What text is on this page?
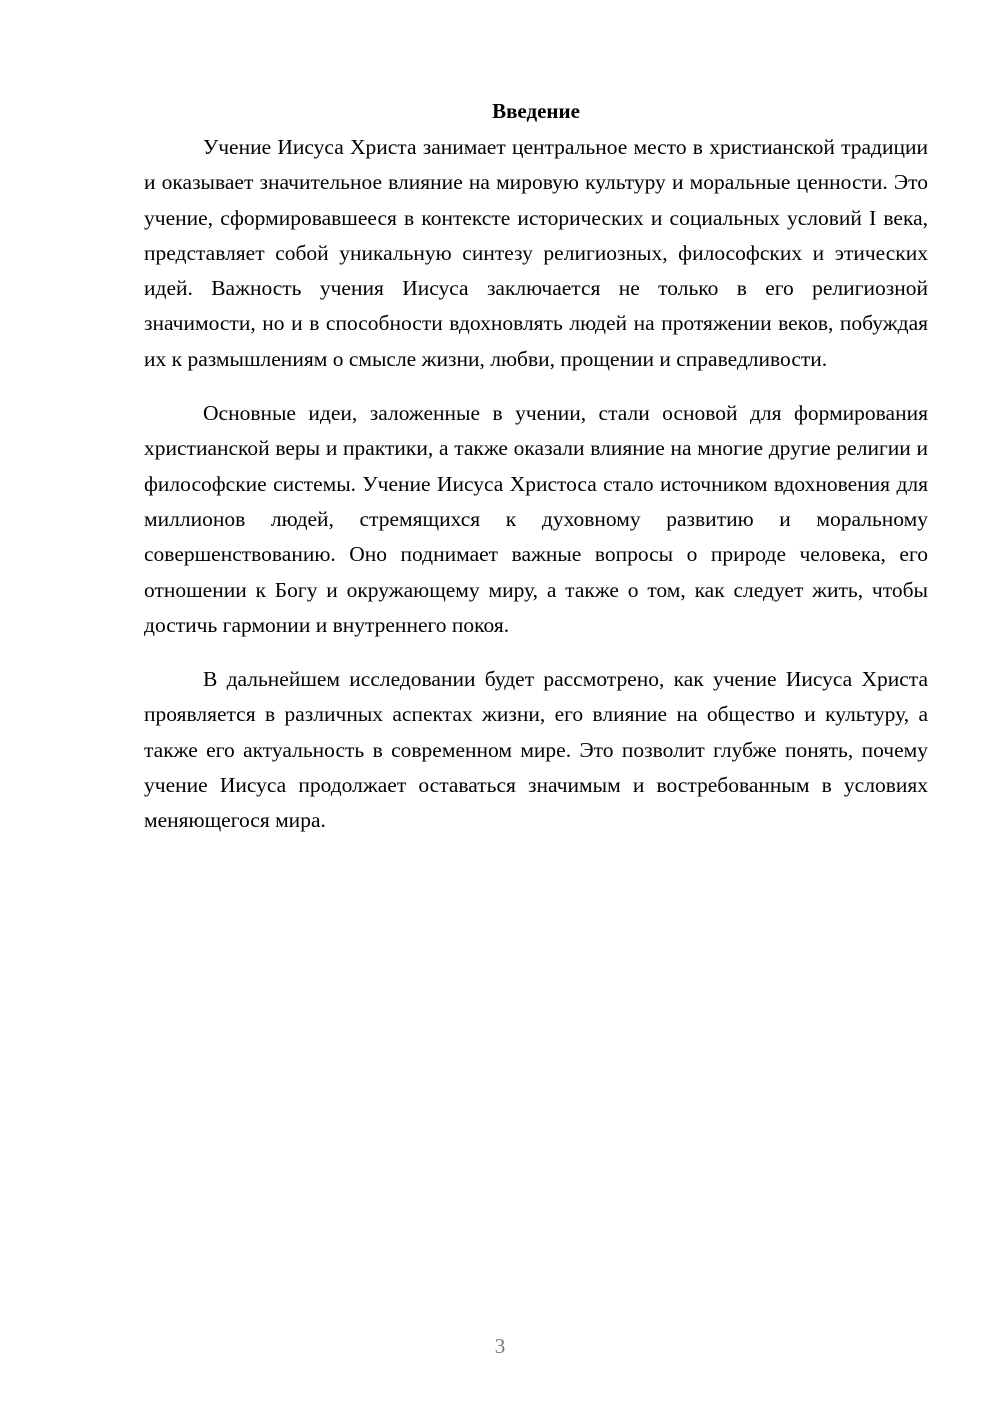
Введение

Учение Иисуса Христа занимает центральное место в христианской традиции и оказывает значительное влияние на мировую культуру и моральные ценности. Это учение, сформировавшееся в контексте исторических и социальных условий I века, представляет собой уникальную синтезу религиозных, философских и этических идей. Важность учения Иисуса заключается не только в его религиозной значимости, но и в способности вдохновлять людей на протяжении веков, побуждая их к размышлениям о смысле жизни, любви, прощении и справедливости.

Основные идеи, заложенные в учении, стали основой для формирования христианской веры и практики, а также оказали влияние на многие другие религии и философские системы. Учение Иисуса Христоса стало источником вдохновения для миллионов людей, стремящихся к духовному развитию и моральному совершенствованию. Оно поднимает важные вопросы о природе человека, его отношении к Богу и окружающему миру, а также о том, как следует жить, чтобы достичь гармонии и внутреннего покоя.

В дальнейшем исследовании будет рассмотрено, как учение Иисуса Христа проявляется в различных аспектах жизни, его влияние на общество и культуру, а также его актуальность в современном мире. Это позволит глубже понять, почему учение Иисуса продолжает оставаться значимым и востребованным в условиях меняющегося мира.

3
